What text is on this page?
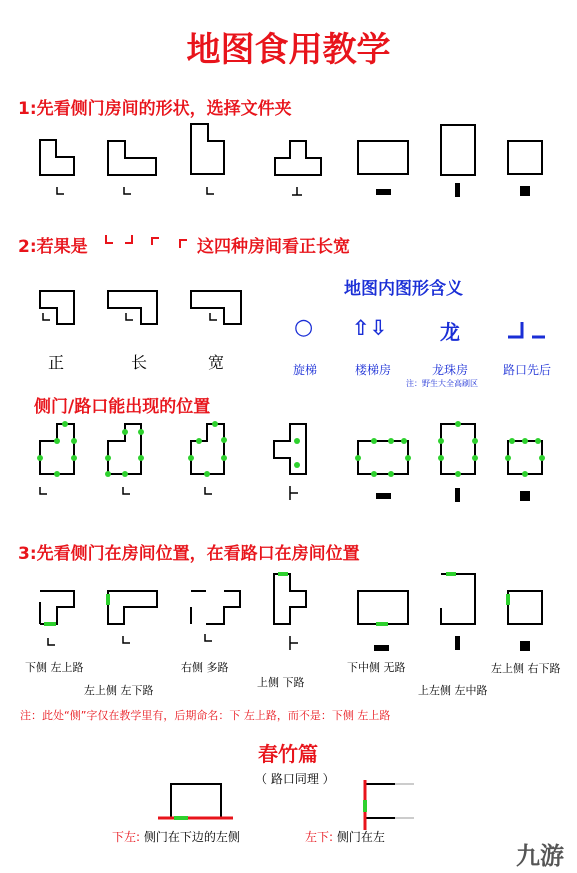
地图食用教学
1:先看侧门房间的形状，选择文件夹
2:若果是	这四种房间看正长宽
地图内图形含义
侧门/路口能出现的位置
3:先看侧门在房间位置，在看路口在房间位置
正	长	宽
○ ⇧⇩	龙
旋梯	楼梯房	龙珠房	路口先后
注：野生大全高刷区
下侧 左上路
左上侧 左下路
右侧 多路
上侧 下路
下中侧 无路
上左侧 左中路
左上侧 右下路
注：此处“侧”字仅在教学里有，后期命名：下 左上路，而不是：下侧 左上路
春竹篇
（ 路口同理 ）
下左: 侧门在下边的左侧	左下: 侧门在左
九游
